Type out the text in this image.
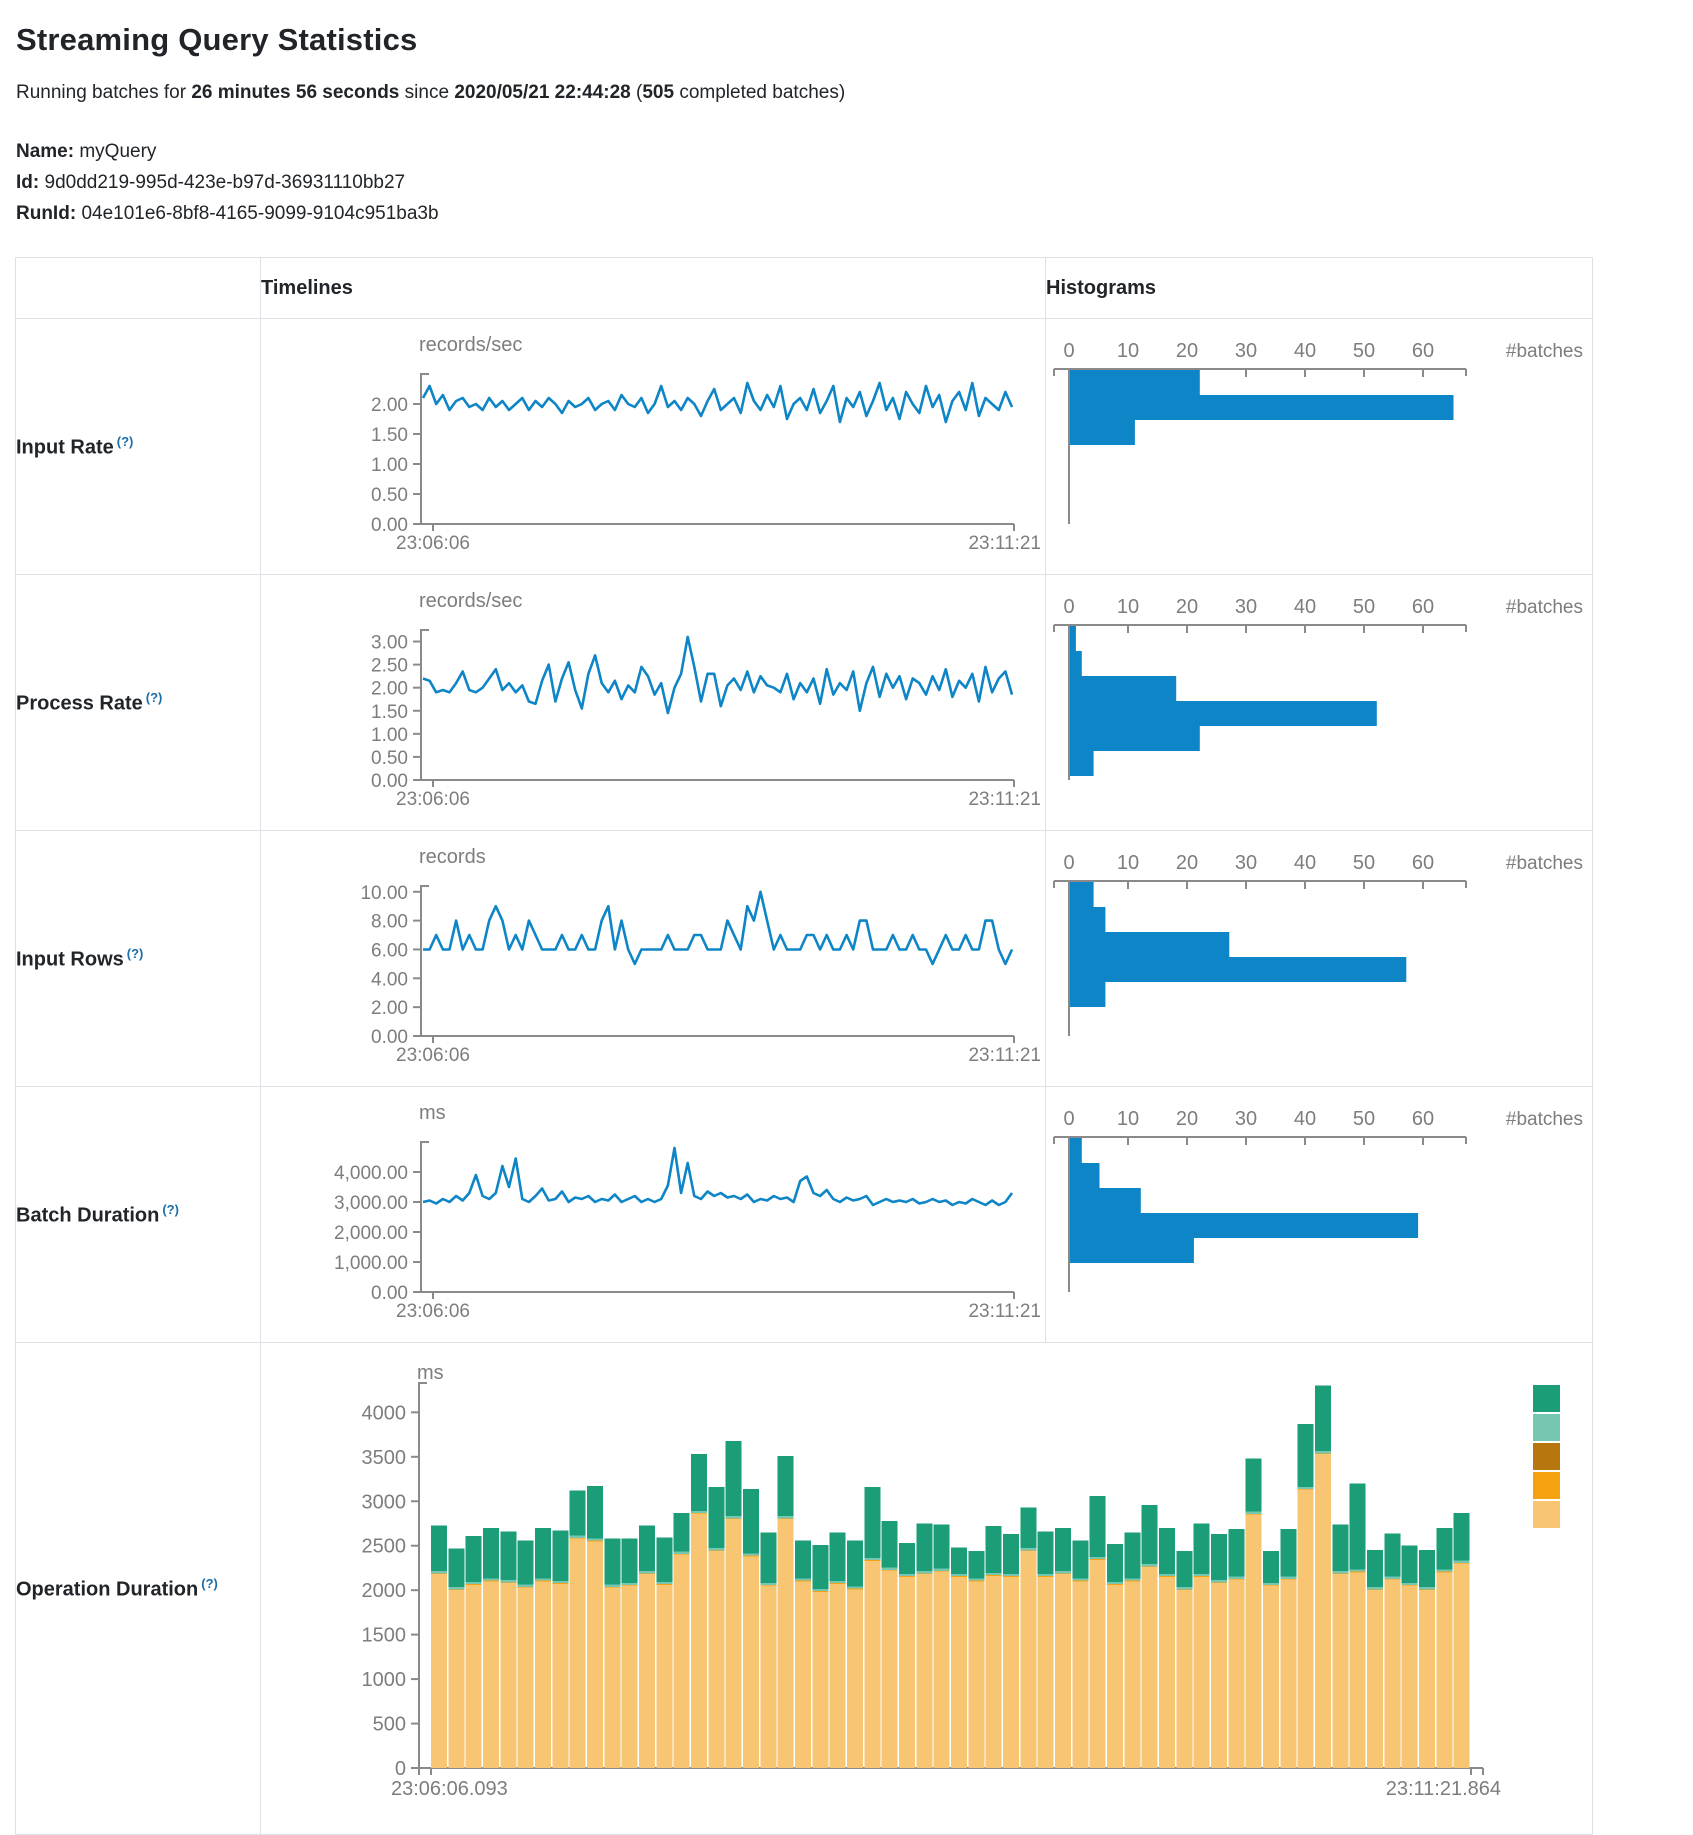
Streaming Query Statistics

Running batches for 26 minutes 56 seconds since 2020/05/21 22:44:28 (505 completed batches)

Name: myQuery
Id: 9d0dd219-995d-423e-b97d-36931110bb27
RunId: 04e101e6-8bf8-4165-9099-9104c951ba3b
	Timelines	Histograms
Input Rate (?)	
records/sec
0.00
0.50
1.00
1.50
2.00
23:06:06	23:11:21

0 10 20 30 40 50 60	#batches

Process Rate (?)	
records/sec
0.00
0.50
1.00
1.50
2.00
2.50
3.00
23:06:06	23:11:21

0 10 20 30 40 50 60	#batches

Input Rows (?)	
records
0.00
2.00
4.00
6.00
8.00
10.00
23:06:06	23:11:21

0 10 20 30 40 50 60	#batches

Batch Duration (?)	
ms
0.00
1,000.00
2,000.00
3,000.00
4,000.00
23:06:06	23:11:21

0 10 20 30 40 50 60	#batches

Operation Duration (?)	
ms
0
500
1000
1500
2000
2500
3000
3500
4000
23:06:06.093	23:11:21.864
